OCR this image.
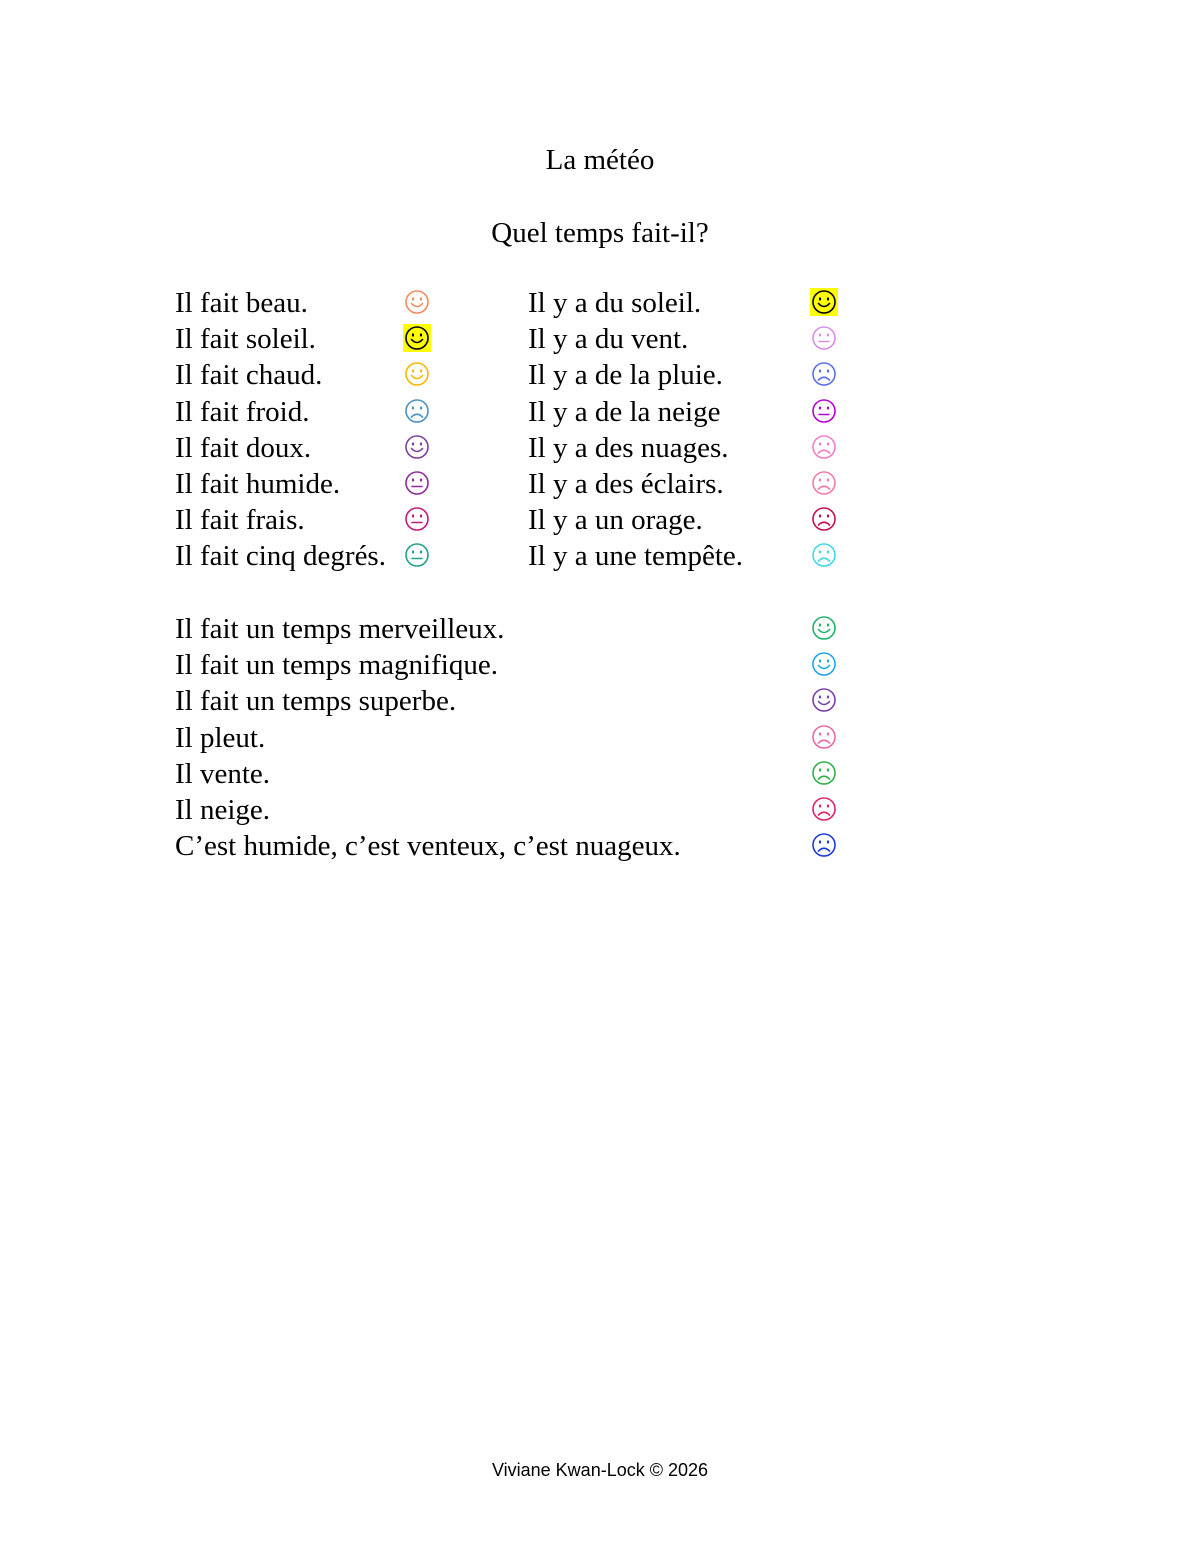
La météo
Quel temps fait-il?
Il fait beau.
Il fait soleil.
Il fait chaud.
Il fait froid.
Il fait doux.
Il fait humide.
Il fait frais.
Il fait cinq degrés.
Il y a du soleil.
Il y a du vent.
Il y a de la pluie.
Il y a de la neige
Il y a des nuages.
Il y a des éclairs.
Il y a un orage.
Il y a une tempête.
Il fait un temps merveilleux.
Il fait un temps magnifique.
Il fait un temps superbe.
Il pleut.
Il vente.
Il neige.
C’est humide, c’est venteux, c’est nuageux.
Viviane Kwan-Lock © 2026
